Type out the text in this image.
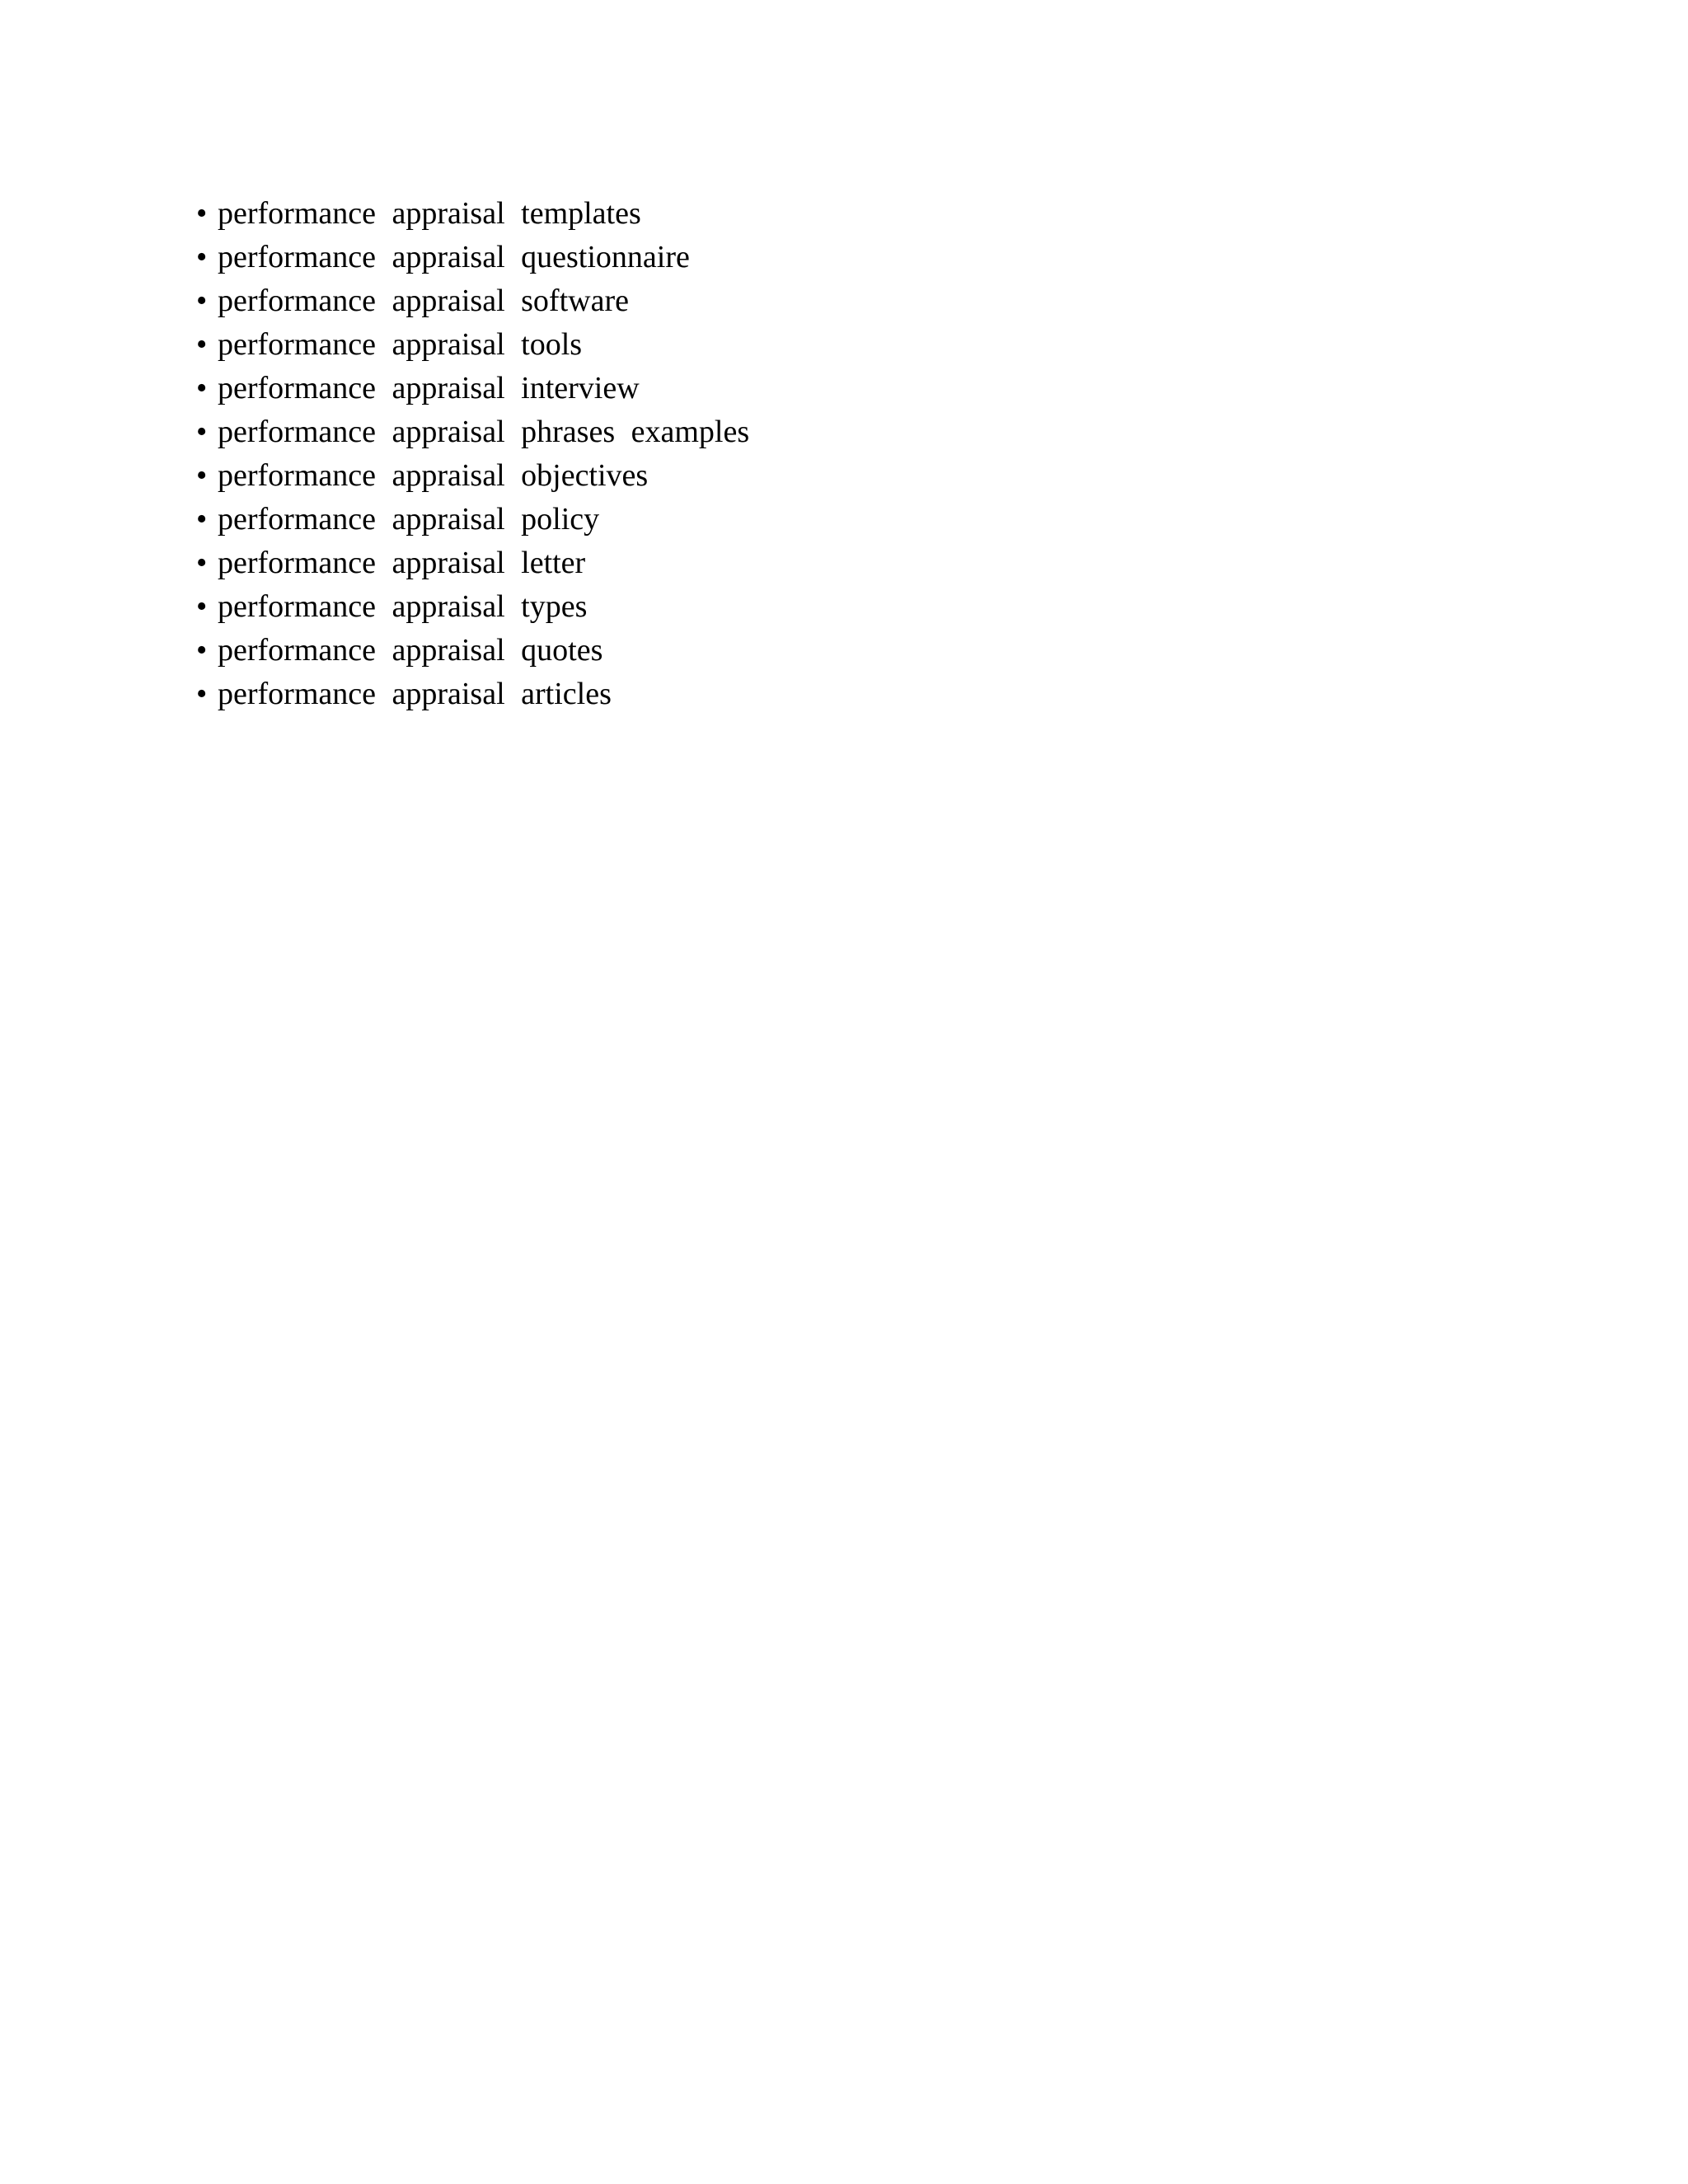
• performance appraisal templates
• performance appraisal questionnaire
• performance appraisal software
• performance appraisal tools
• performance appraisal interview
• performance appraisal phrases examples
• performance appraisal objectives
• performance appraisal policy
• performance appraisal letter
• performance appraisal types
• performance appraisal quotes
• performance appraisal articles
